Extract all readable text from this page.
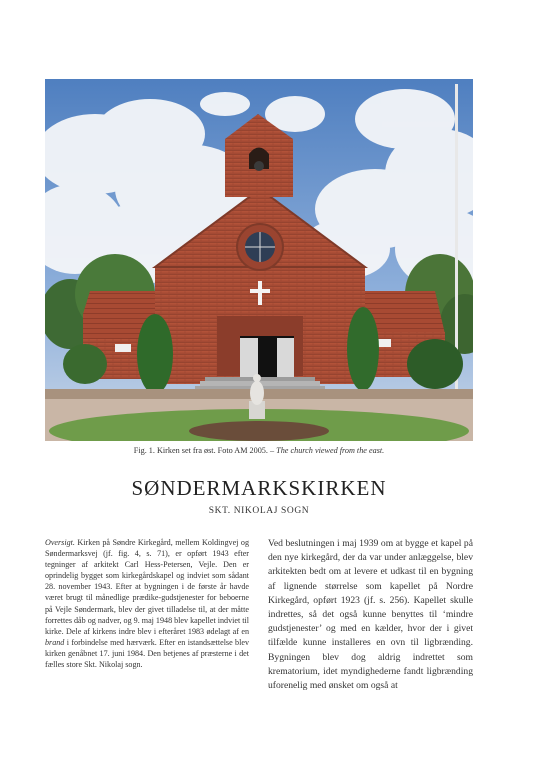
Fig. 1. Kirken set fra øst. Foto AM 2005. – The church viewed from the east.
SØNDERMARKSKIRKEN
SKT. NIKOLAJ SOGN
Oversigt. Kirken på Søndre Kirkegård, mellem Koldingvej og Søndermarksvej (jf. fig. 4, s. 71), er opført 1943 efter tegninger af arkitekt Carl Hess-Petersen, Vejle. Den er oprindelig bygget som kirkegårdskapel og indviet som sådant 28. november 1943. Efter at bygningen i de første år havde været brugt til månedlige prædike-gudstjenester for beboerne på Vejle Søndermark, blev der givet tilladelse til, at der måtte forrettes dåb og nadver, og 9. maj 1948 blev kapellet indviet til kirke. Dele af kirkens indre blev i efteråret 1983 ødelagt af en brand i forbindelse med hærværk. Efter en istandsættelse blev kirken genåbnet 17. juni 1984. Den betjenes af præsterne i det fælles store Skt. Nikolaj sogn.
Ved beslutningen i maj 1939 om at bygge et kapel på den nye kirkegård, der da var under anlæggelse, blev arkitekten bedt om at levere et udkast til en bygning af lignende størrelse som kapellet på Nordre Kirkegård, opført 1923 (jf. s. 256). Kapellet skulle indrettes, så det også kunne benyttes til ‘mindre gudstjenester’ og med en kælder, hvor der i givet tilfælde kunne installeres en ovn til ligbrænding. Bygningen blev dog aldrig indrettet som krematorium, idet myndighederne fandt ligbrænding uforenelig med ønsket om også at
